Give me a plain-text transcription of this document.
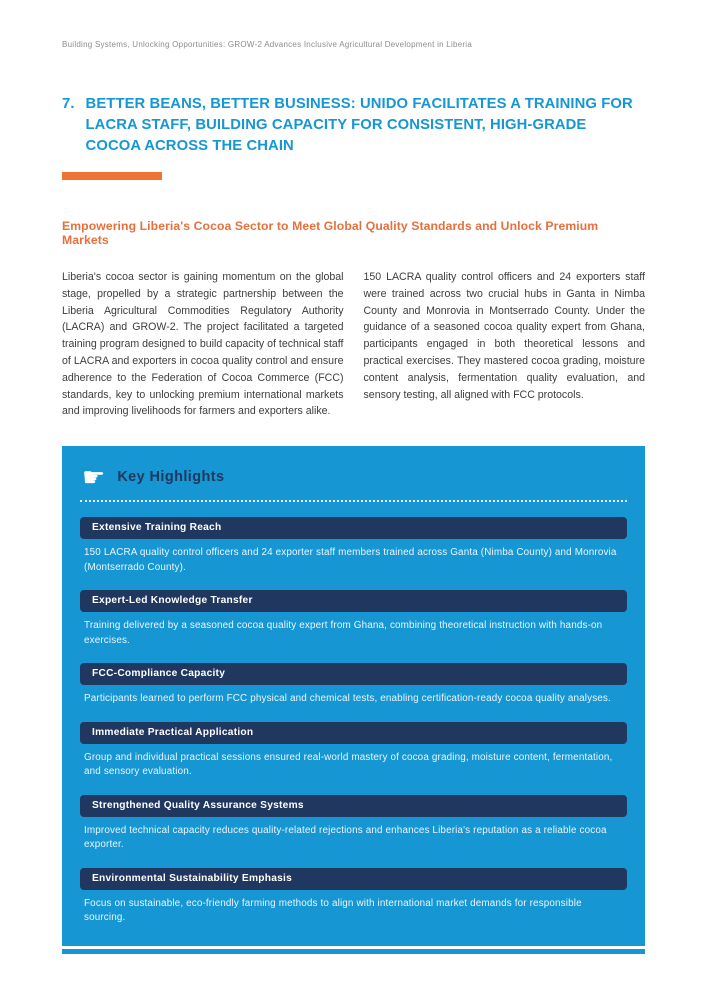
Building Systems, Unlocking Opportunities: GROW-2 Advances Inclusive Agricultural Development in Liberia
7. BETTER BEANS, BETTER BUSINESS: UNIDO FACILITATES A TRAINING FOR LACRA STAFF, BUILDING CAPACITY FOR CONSISTENT, HIGH-GRADE COCOA ACROSS THE CHAIN
Empowering Liberia's Cocoa Sector to Meet Global Quality Standards and Unlock Premium Markets
Liberia's cocoa sector is gaining momentum on the global stage, propelled by a strategic partnership between the Liberia Agricultural Commodities Regulatory Authority (LACRA) and GROW-2. The project facilitated a targeted training program designed to build capacity of technical staff of LACRA and exporters in cocoa quality control and ensure adherence to the Federation of Cocoa Commerce (FCC) standards, key to unlocking premium international markets and improving livelihoods for farmers and exporters alike.
150 LACRA quality control officers and 24 exporters staff were trained across two crucial hubs in Ganta in Nimba County and Monrovia in Montserrado County. Under the guidance of a seasoned cocoa quality expert from Ghana, participants engaged in both theoretical lessons and practical exercises. They mastered cocoa grading, moisture content analysis, fermentation quality evaluation, and sensory testing, all aligned with FCC protocols.
☛ Key Highlights
Extensive Training Reach
150 LACRA quality control officers and 24 exporter staff members trained across Ganta (Nimba County) and Monrovia (Montserrado County).
Expert-Led Knowledge Transfer
Training delivered by a seasoned cocoa quality expert from Ghana, combining theoretical instruction with hands-on exercises.
FCC-Compliance Capacity
Participants learned to perform FCC physical and chemical tests, enabling certification-ready cocoa quality analyses.
Immediate Practical Application
Group and individual practical sessions ensured real-world mastery of cocoa grading, moisture content, fermentation, and sensory evaluation.
Strengthened Quality Assurance Systems
Improved technical capacity reduces quality-related rejections and enhances Liberia's reputation as a reliable cocoa exporter.
Environmental Sustainability Emphasis
Focus on sustainable, eco-friendly farming methods to align with international market demands for responsible sourcing.
PAGE 18
